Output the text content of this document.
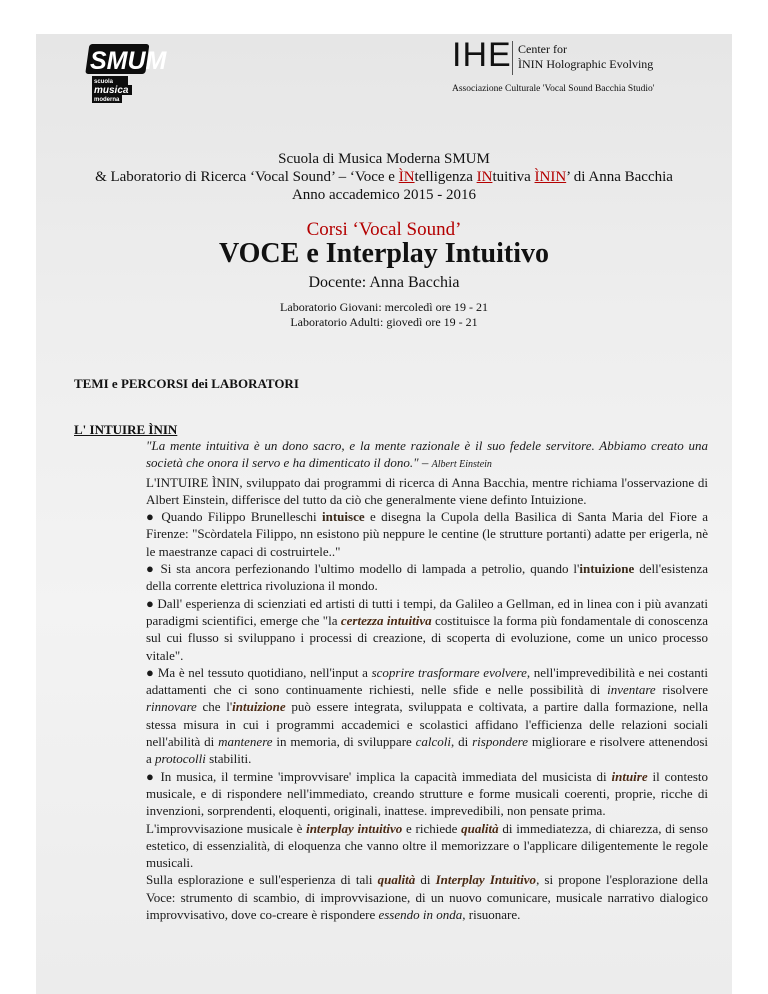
SMUM
scuola
musica
moderna
IHE Center for
ÌNIN Holographic Evolving
Associazione Culturale 'Vocal Sound Bacchia Studio'
Scuola di Musica Moderna SMUM
& Laboratorio di Ricerca ‘Vocal Sound’ – ‘Voce e ÌNtelligenza INtuitiva ÌNIN’ di Anna Bacchia
Anno accademico 2015 - 2016
Corsi ‘Vocal Sound’
VOCE e Interplay Intuitivo
Docente: Anna Bacchia
Laboratorio Giovani: mercoledì ore 19 - 21
Laboratorio Adulti: giovedì ore 19 - 21
TEMI e PERCORSI dei LABORATORI
L' INTUIRE ÌNIN

"La mente intuitiva è un dono sacro, e la mente razionale è il suo fedele servitore. Abbiamo creato una società che onora il servo e ha dimenticato il dono." – Albert Einstein

L'INTUIRE ÌNIN, sviluppato dai programmi di ricerca di Anna Bacchia, mentre richiama l'osservazione di Albert Einstein, differisce del tutto da ciò che generalmente viene definto Intuizione.

● Quando Filippo Brunelleschi intuisce e disegna la Cupola della Basilica di Santa Maria del Fiore a Firenze: "Scòrdatela Filippo, nn esistono più neppure le centine (le strutture portanti) adatte per erigerla, nè le maestranze capaci di costruirtele.."

● Si sta ancora perfezionando l'ultimo modello di lampada a petrolio, quando l'intuizione dell'esistenza della corrente elettrica rivoluziona il mondo.

● Dall' esperienza di scienziati ed artisti di tutti i tempi, da Galileo a Gellman, ed in linea con i più avanzati paradigmi scientifici, emerge che "la certezza intuitiva costituisce la forma più fondamentale di conoscenza sul cui flusso si sviluppano i processi di creazione, di scoperta di evoluzione, come un unico processo vitale".

● Ma è nel tessuto quotidiano, nell'input a scoprire trasformare evolvere, nell'imprevedibilità e nei costanti adattamenti che ci sono continuamente richiesti, nelle sfide e nelle possibilità di inventare risolvere rinnovare che l'intuizione può essere integrata, sviluppata e coltivata, a partire dalla formazione, nella stessa misura in cui i programmi accademici e scolastici affidano l'efficienza delle relazioni sociali nell'abilità di mantenere in memoria, di sviluppare calcoli, di rispondere migliorare e risolvere attenendosi a protocolli stabiliti.

● In musica, il termine 'improvvisare' implica la capacità immediata del musicista di intuire il contesto musicale, e di rispondere nell'immediato, creando strutture e forme musicali coerenti, proprie, ricche di invenzioni, sorprendenti, eloquenti, originali, inattese. imprevedibili, non pensate prima.

L'improvvisazione musicale è interplay intuitivo e richiede qualità di immediatezza, di chiarezza, di senso estetico, di essenzialità, di eloquenza che vanno oltre il memorizzare o l'applicare diligentemente le regole musicali.

Sulla esplorazione e sull'esperienza di tali qualità di Interplay Intuitivo, si propone l'esplorazione della Voce: strumento di scambio, di improvvisazione, di un nuovo comunicare, musicale narrativo dialogico improvvisativo, dove co-creare è rispondere essendo in onda, risuonare.
